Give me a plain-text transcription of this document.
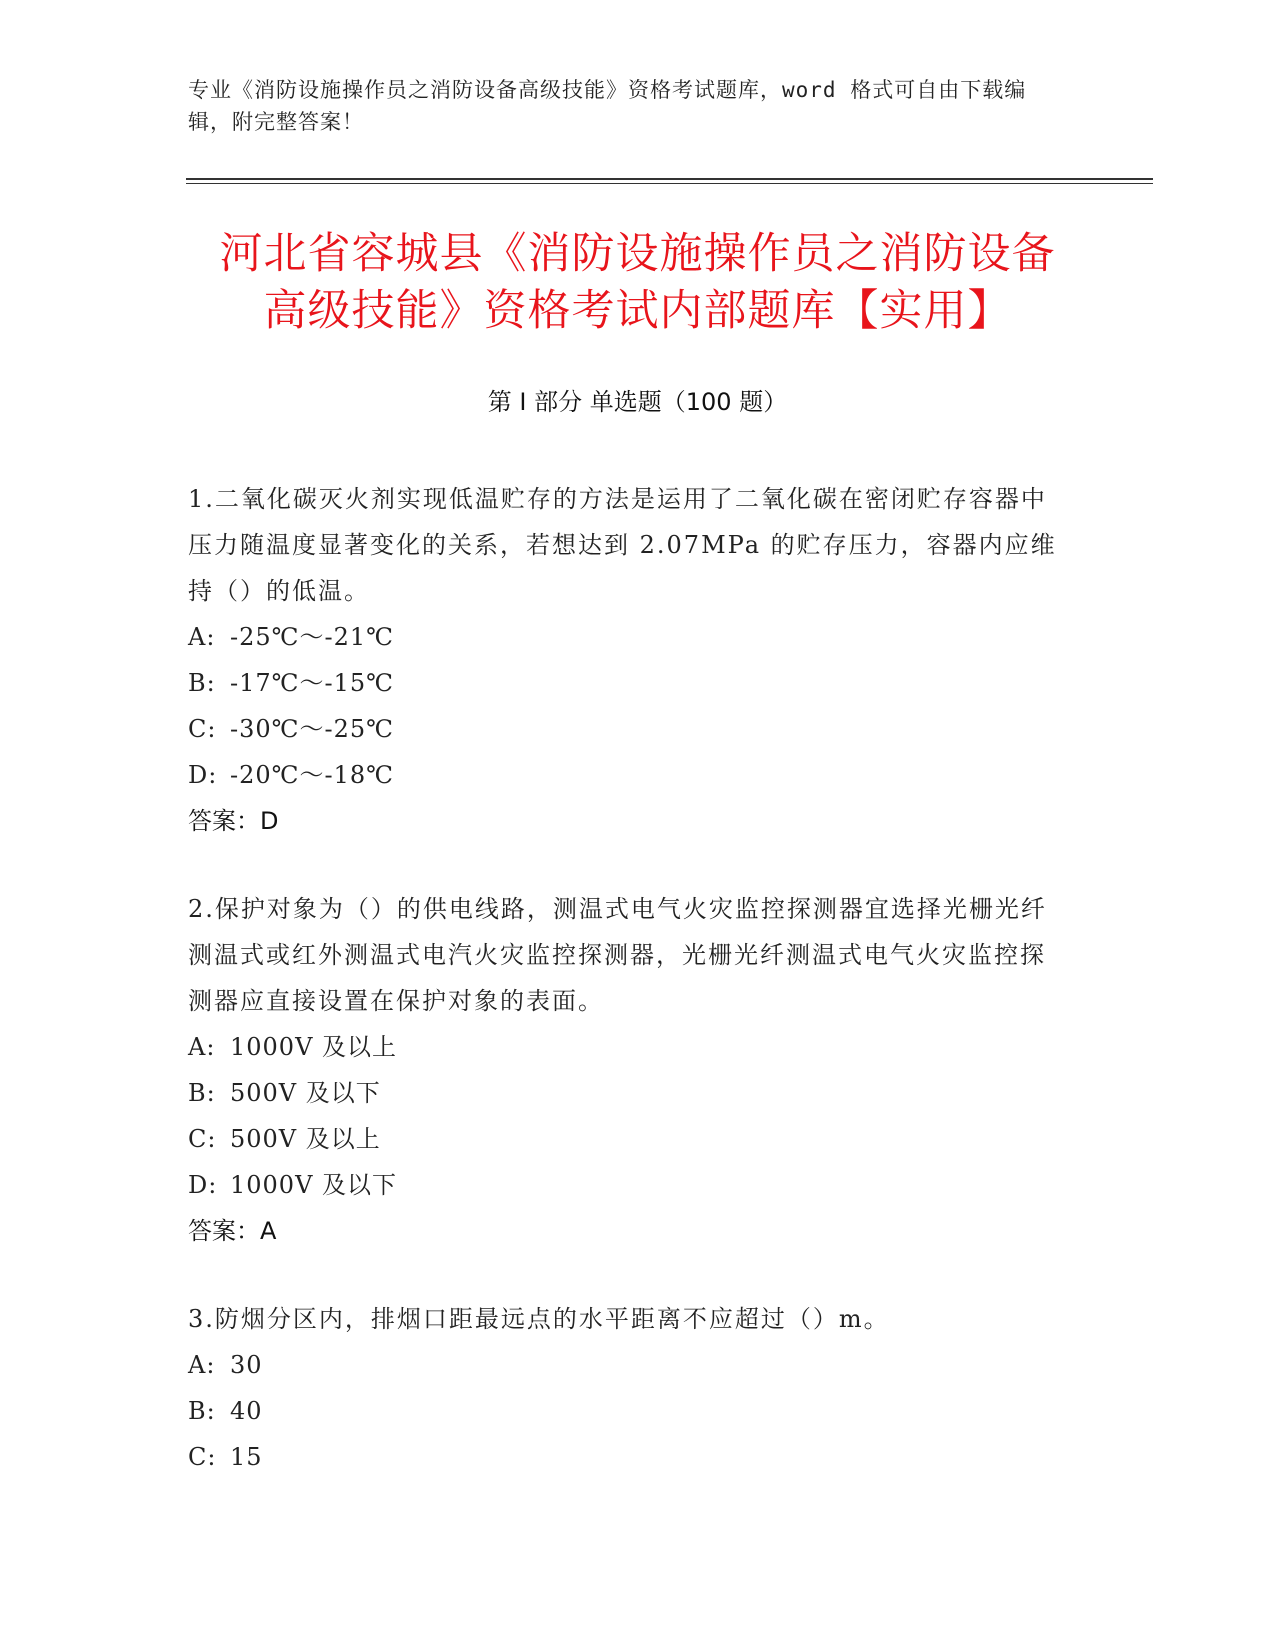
专业《消防设施操作员之消防设备高级技能》资格考试题库，word 格式可自由下载编辑，附完整答案！
河北省容城县《消防设施操作员之消防设备
高级技能》资格考试内部题库【实用】
第 I 部分 单选题（100 题）
1.二氧化碳灭火剂实现低温贮存的方法是运用了二氧化碳在密闭贮存容器中压力随温度显著变化的关系，若想达到 2.07MPa 的贮存压力，容器内应维持（）的低温。
A: -25℃～-21℃
B: -17℃～-15℃
C: -30℃～-25℃
D: -20℃～-18℃
答案：D
2.保护对象为（）的供电线路，测温式电气火灾监控探测器宜选择光栅光纤测温式或红外测温式电汽火灾监控探测器，光栅光纤测温式电气火灾监控探测器应直接设置在保护对象的表面。
A: 1000V 及以上
B: 500V 及以下
C: 500V 及以上
D: 1000V 及以下
答案：A
3.防烟分区内，排烟口距最远点的水平距离不应超过（）m。
A: 30
B: 40
C: 15
